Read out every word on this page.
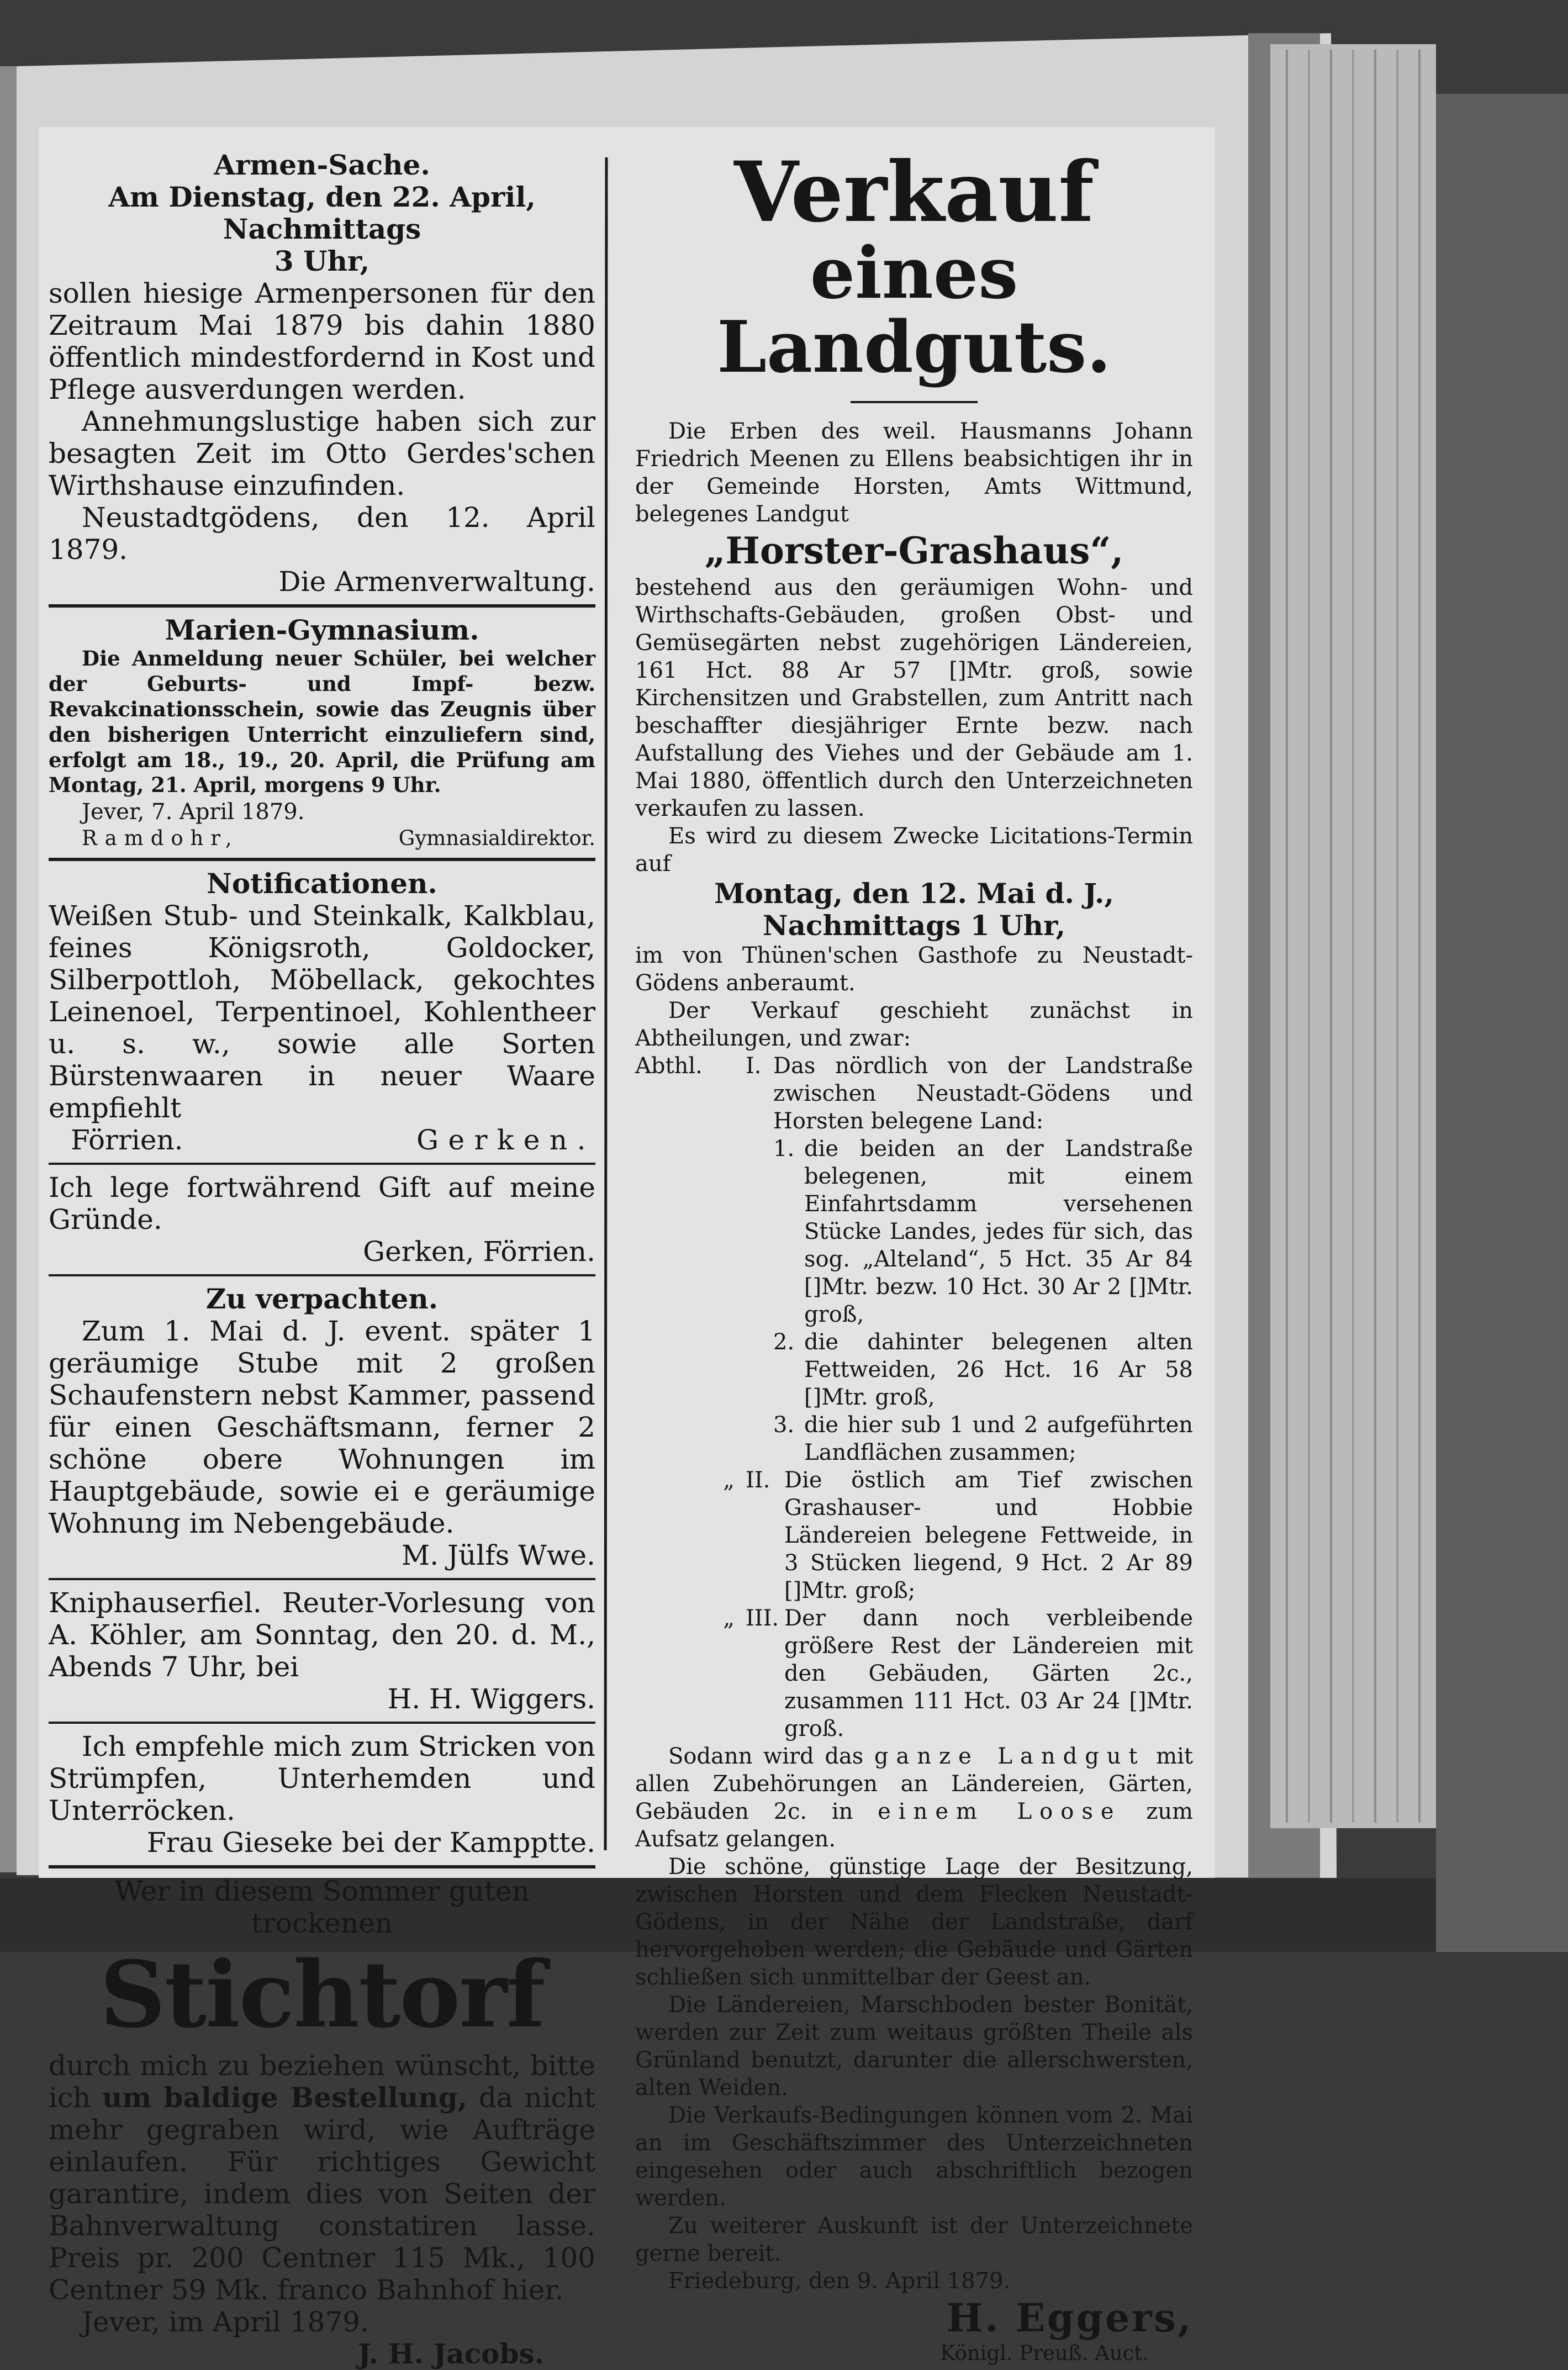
Armen-Sache.

Am Dienstag, den 22. April, Nachmittags

3 Uhr,

sollen hiesige Armenpersonen für den Zeitraum Mai 1879 bis dahin 1880 öffentlich mindestfordernd in Kost und Pflege ausverdungen werden.

Annehmungslustige haben sich zur besagten Zeit im Otto Gerdes'schen Wirthshause einzufinden.

Neustadtgödens, den 12. April 1879.

Die Armenverwaltung.

Marien-Gymnasium.

Die Anmeldung neuer Schüler, bei welcher der Geburts- und Impf- bezw. Revakcinationsschein, sowie das Zeugnis über den bisherigen Unterricht einzuliefern sind, erfolgt am 18., 19., 20. April, die Prüfung am Montag, 21. April, morgens 9 Uhr.

Jever, 7. April 1879.

Ramdohr,	Gymnasialdirektor.

Notificationen.

Weißen Stub- und Steinkalk, Kalkblau, feines Königsroth, Goldocker, Silberpottloh, Möbellack, gekochtes Leinenoel, Terpentinoel, Kohlentheer u. s. w., sowie alle Sorten Bürstenwaaren in neuer Waare empfiehlt

Förrien.	Gerken.

Ich lege fortwährend Gift auf meine Gründe.

Gerken, Förrien.

Zu verpachten.

Zum 1. Mai d. J. event. später 1 geräumige Stube mit 2 großen Schaufenstern nebst Kammer, passend für einen Geschäftsmann, ferner 2 schöne obere Wohnungen im Hauptgebäude, sowie ei e geräumige Wohnung im Nebengebäude.

M. Jülfs Wwe.

Kniphauserfiel. Reuter-Vorlesung von A. Köhler, am Sonntag, den 20. d. M., Abends 7 Uhr, bei

H. H. Wiggers.

Ich empfehle mich zum Stricken von Strümpfen, Unterhemden und Unterröcken.

Frau Gieseke bei der Kampptte.

Wer in diesem Sommer guten trockenen

Stichtorf

durch mich zu beziehen wünscht, bitte ich um baldige Bestellung, da nicht mehr gegraben wird, wie Aufträge einlaufen. Für richtiges Gewicht garantire, indem dies von Seiten der Bahnverwaltung constatiren lasse. Preis pr. 200 Centner 115 Mk., 100 Centner 59 Mk. franco Bahnhof hier.

Jever, im April 1879.

J. H. Jacobs.

Verkauf

eines Landguts.

Die Erben des weil. Hausmanns Johann Friedrich Meenen zu Ellens beabsichtigen ihr in der Gemeinde Horsten, Amts Wittmund, belegenes Landgut

„Horster-Grashaus“,

bestehend aus den geräumigen Wohn- und Wirthschafts-Gebäuden, großen Obst- und Gemüsegärten nebst zugehörigen Ländereien, 161 Hct. 88 Ar 57 []Mtr. groß, sowie Kirchensitzen und Grabstellen, zum Antritt nach beschaffter diesjähriger Ernte bezw. nach Aufstallung des Viehes und der Gebäude am 1. Mai 1880, öffentlich durch den Unterzeichneten verkaufen zu lassen.

Es wird zu diesem Zwecke Licitations-Termin auf

Montag, den 12. Mai d. J.,

Nachmittags 1 Uhr,

im von Thünen'schen Gasthofe zu Neustadt-Gödens anberaumt.

Der Verkauf geschieht zunächst in Abtheilungen, und zwar:

Abthl.	I. Das nördlich von der Landstraße zwischen Neustadt-Gödens und Horsten belegene Land:
1. die beiden an der Landstraße belegenen, mit einem Einfahrtsdamm versehenen Stücke Landes, jedes für sich, das sog. „Alteland“, 5 Hct. 35 Ar 84 []Mtr. bezw. 10 Hct. 30 Ar 2 []Mtr. groß,
2. die dahinter belegenen alten Fettweiden, 26 Hct. 16 Ar 58 []Mtr. groß,
3. die hier sub 1 und 2 aufgeführten Landflächen zusammen;
„ II. Die östlich am Tief zwischen Grashauser- und Hobbie Ländereien belegene Fettweide, in 3 Stücken liegend, 9 Hct. 2 Ar 89 []Mtr. groß;
„ III. Der dann noch verbleibende größere Rest der Ländereien mit den Gebäuden, Gärten 2c., zusammen 111 Hct. 03 Ar 24 []Mtr. groß.

Sodann wird das ganze Landgut mit allen Zubehörungen an Ländereien, Gärten, Gebäuden 2c. in einem Loose zum Aufsatz gelangen.

Die schöne, günstige Lage der Besitzung, zwischen Horsten und dem Flecken Neustadt-Gödens, in der Nähe der Landstraße, darf hervorgehoben werden; die Gebäude und Gärten schließen sich unmittelbar der Geest an.

Die Ländereien, Marschboden bester Bonität, werden zur Zeit zum weitaus größten Theile als Grünland benutzt, darunter die allerschwersten, alten Weiden.

Die Verkaufs-Bedingungen können vom 2. Mai an im Geschäftszimmer des Unterzeichneten eingesehen oder auch abschriftlich bezogen werden.

Zu weiterer Auskunft ist der Unterzeichnete gerne bereit.

Friedeburg, den 9. April 1879.

H. Eggers,

Königl. Preuß. Auct.
